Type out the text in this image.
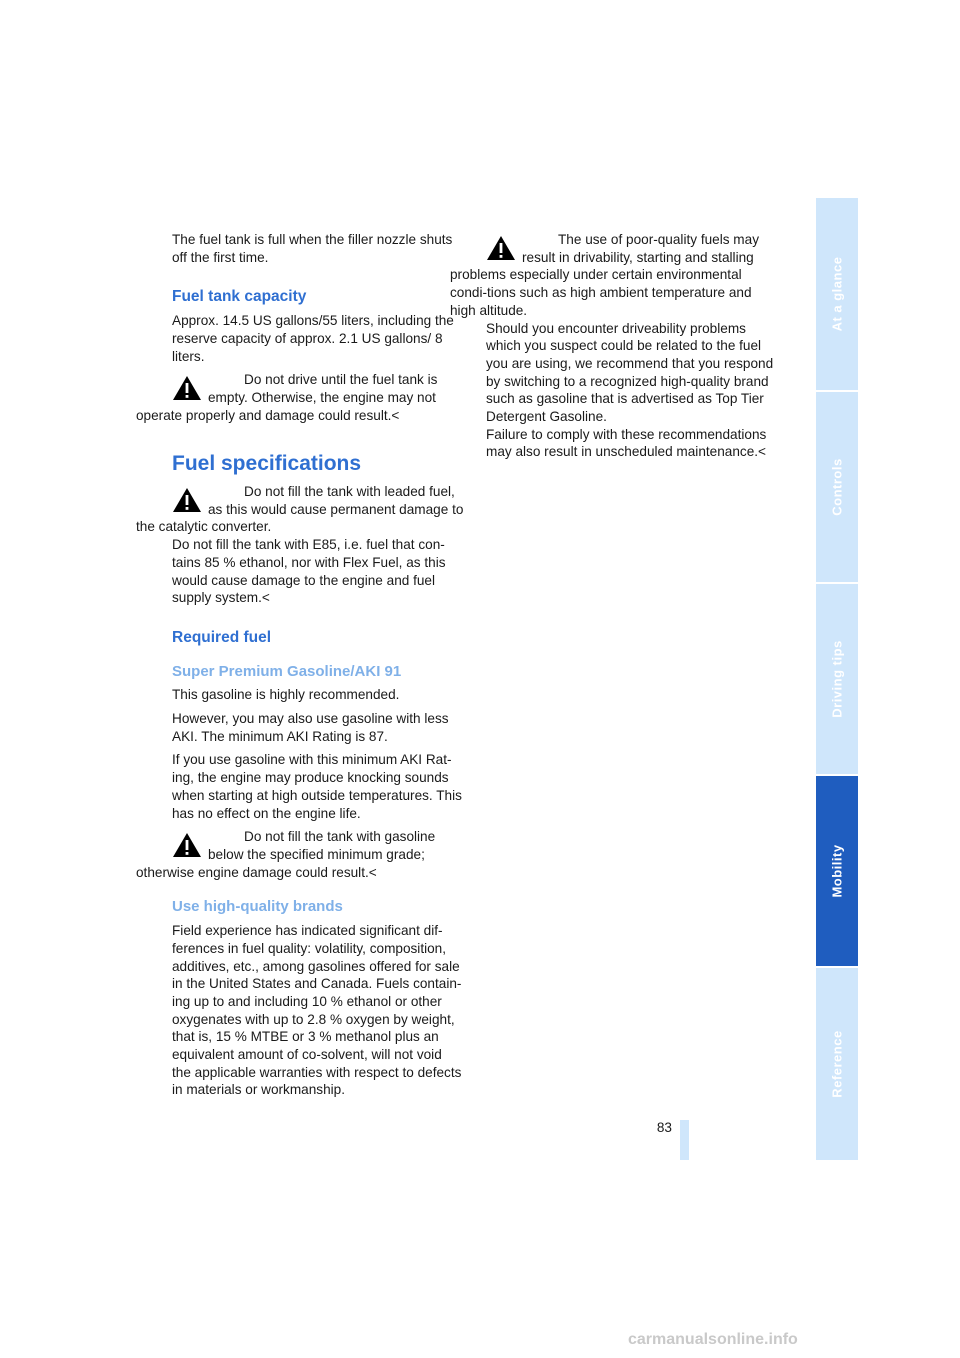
The fuel tank is full when the filler nozzle shuts off the first time.

Fuel tank capacity

Approx. 14.5 US gallons/55 liters, including the reserve capacity of approx. 2.1 US gallons/ 8 liters.

Do not drive until the fuel tank is empty. Otherwise, the engine may not operate properly and damage could result.<

Fuel specifications

Do not fill the tank with leaded fuel, as this would cause permanent damage to the catalytic converter.

Do not fill the tank with E85, i.e. fuel that con-tains 85 % ethanol, nor with Flex Fuel, as this would cause damage to the engine and fuel supply system.<

Required fuel

Super Premium Gasoline/AKI 91

This gasoline is highly recommended.

However, you may also use gasoline with less AKI. The minimum AKI Rating is 87.

If you use gasoline with this minimum AKI Rat-ing, the engine may produce knocking sounds when starting at high outside temperatures. This has no effect on the engine life.

Do not fill the tank with gasoline below the specified minimum grade; otherwise engine damage could result.<

Use high-quality brands

Field experience has indicated significant dif-ferences in fuel quality: volatility, composition, additives, etc., among gasolines offered for sale in the United States and Canada. Fuels contain-ing up to and including 10 % ethanol or other oxygenates with up to 2.8 % oxygen by weight, that is, 15 % MTBE or 3 % methanol plus an equivalent amount of co-solvent, will not void the applicable warranties with respect to defects in materials or workmanship.

The use of poor-quality fuels may result in drivability, starting and stalling problems especially under certain environmental condi-tions such as high ambient temperature and high altitude.

Should you encounter driveability problems which you suspect could be related to the fuel you are using, we recommend that you respond by switching to a recognized high-quality brand such as gasoline that is advertised as Top Tier Detergent Gasoline.

Failure to comply with these recommendations may also result in unscheduled maintenance.<

At a glance
Controls
Driving tips
Mobility
Reference
83
carmanualsonline.info
